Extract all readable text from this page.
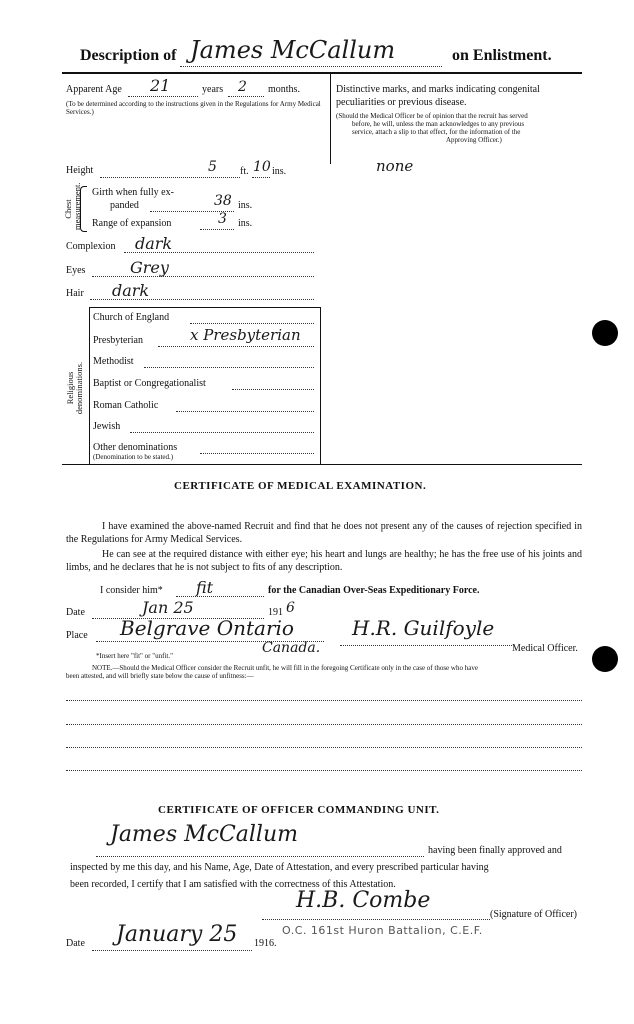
Description of James McCallum	on Enlistment.
Apparent Age 21	years 2 months.
(To be determined according to the instructions given in the Regulations for Army Medical Services.)
Height	5 ft. 10 ins.
Chest measurement. Girth when fully ex-
panded	38 ins.
Range of expansion	3 ins.
Complexion dark
Eyes	Grey
Hair dark
Distinctive marks, and marks indicating congenital
peculiarities or previous disease.
(Should the Medical Officer be of opinion that the recruit has served
before, he will, unless the man acknowledges to any previous
service, attach a slip to that effect, for the information of the
Approving Officer.)
none
Religious denominations.
Church of England
Presbyterian
Methodist
Baptist or Congregationalist
Roman Catholic
Jewish
Other denominations
(Denomination to be stated.)
x Presbyterian
CERTIFICATE OF MEDICAL EXAMINATION.
I have examined the above-named Recruit and find that he does not present any of the causes of rejection specified in the Regulations for Army Medical Services.
He can see at the required distance with either eye; his heart and lungs are healthy; he has the free use of his joints and limbs, and he declares that he is not subject to fits of any description.
I consider him* fit	for the Canadian Over-Seas Expeditionary Force.
Date	Jan 25	191 6
Place Belgrave Ontario
Canada.
H.R. Guilfoyle
Medical Officer.
*Insert here "fit" or "unfit."
NOTE.—Should the Medical Officer consider the Recruit unfit, he will fill in the foregoing Certificate only in the case of those who have
been attested, and will briefly state below the cause of unfitness:—
CERTIFICATE OF OFFICER COMMANDING UNIT.
James McCallum
having been finally approved and
inspected by me this day, and his Name, Age, Date of Attestation, and every prescribed particular having
been recorded, I certify that I am satisfied with the correctness of this Attestation.
H.B. Combe
(Signature of Officer)
O.C. 161st Huron Battalion, C.E.F.
Date January 25 1916.
